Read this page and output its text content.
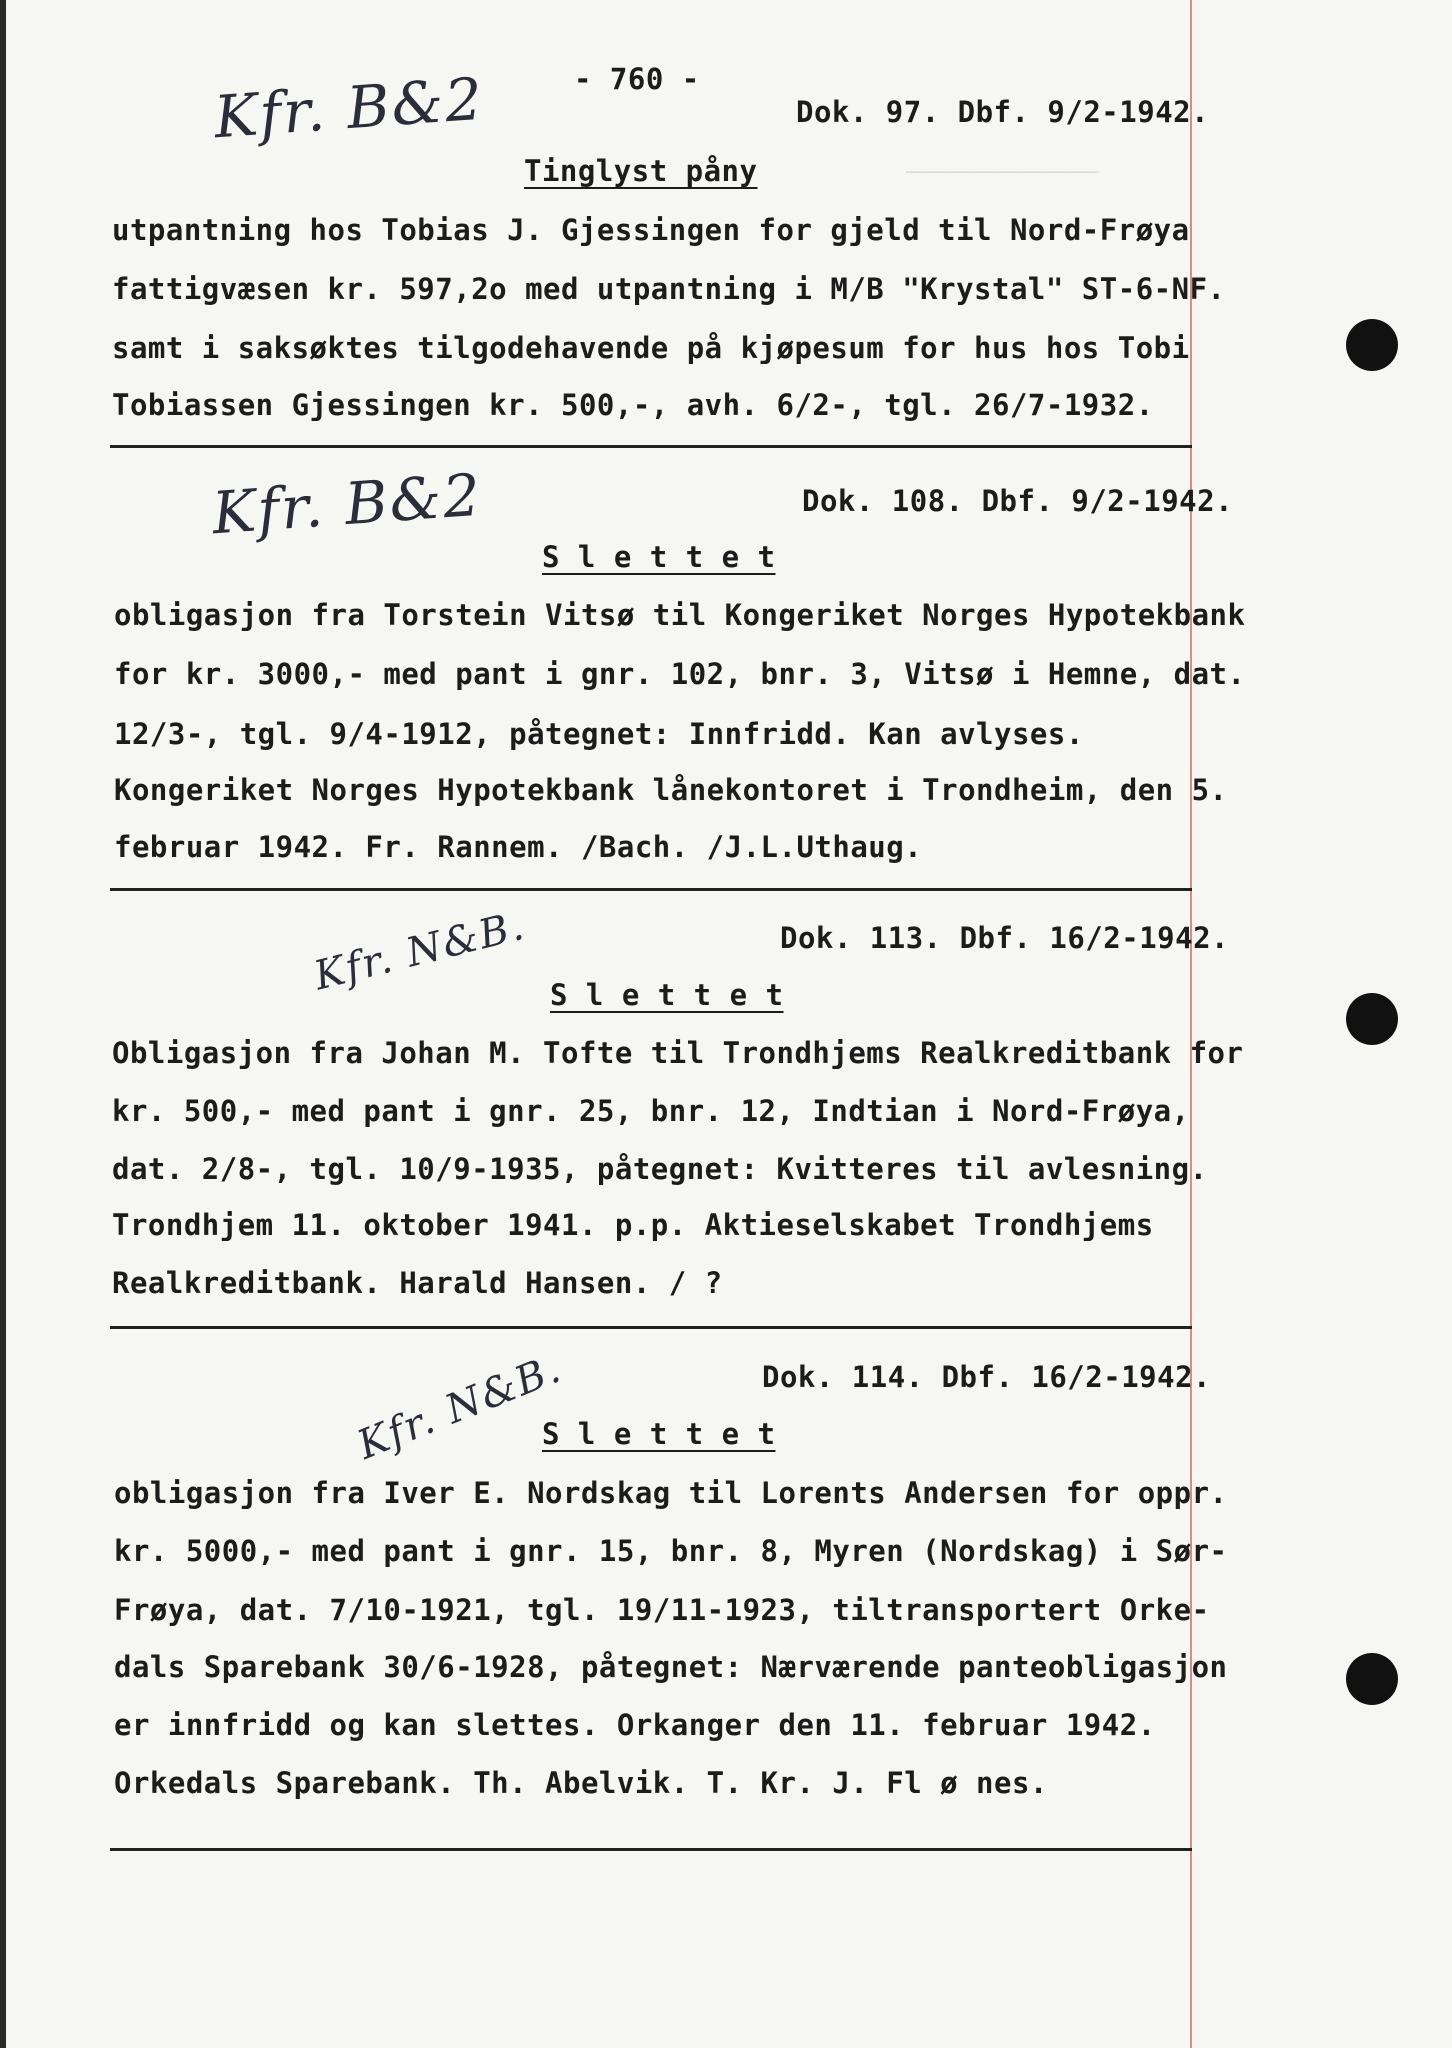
────────────────
- 760 -
Kfr. B&2	Dok. 97. Dbf. 9/2-1942.
Tinglyst påny
utpantning hos Tobias J. Gjessingen for gjeld til Nord-Frøya
fattigvæsen kr. 597,2o med utpantning i M/B "Krystal" ST-6-NF.
samt i saksøktes tilgodehavende på kjøpesum for hus hos Tobi
Tobiassen Gjessingen kr. 500,-, avh. 6/2-, tgl. 26/7-1932.
Kfr. B&2	Dok. 108. Dbf. 9/2-1942.
S l e t t e t
obligasjon fra Torstein Vitsø til Kongeriket Norges Hypotekbank
for kr. 3000,- med pant i gnr. 102, bnr. 3, Vitsø i Hemne, dat.
12/3-, tgl. 9/4-1912, påtegnet: Innfridd. Kan avlyses.
Kongeriket Norges Hypotekbank lånekontoret i Trondheim, den 5.
februar 1942. Fr. Rannem. /Bach. /J.L.Uthaug.
Kfr. N&B.	Dok. 113. Dbf. 16/2-1942.
S l e t t e t
Obligasjon fra Johan M. Tofte til Trondhjems Realkreditbank for
kr. 500,- med pant i gnr. 25, bnr. 12, Indtian i Nord-Frøya,
dat. 2/8-, tgl. 10/9-1935, påtegnet: Kvitteres til avlesning.
Trondhjem 11. oktober 1941. p.p. Aktieselskabet Trondhjems
Realkreditbank. Harald Hansen. / ?
Kfr. N&B.	Dok. 114. Dbf. 16/2-1942.
S l e t t e t
obligasjon fra Iver E. Nordskag til Lorents Andersen for oppr.
kr. 5000,- med pant i gnr. 15, bnr. 8, Myren (Nordskag) i Sør-
Frøya, dat. 7/10-1921, tgl. 19/11-1923, tiltransportert Orke-
dals Sparebank 30/6-1928, påtegnet: Nærværende panteobligasjon
er innfridd og kan slettes. Orkanger den 11. februar 1942.
Orkedals Sparebank. Th. Abelvik. T. Kr. J. Fl ø nes.
